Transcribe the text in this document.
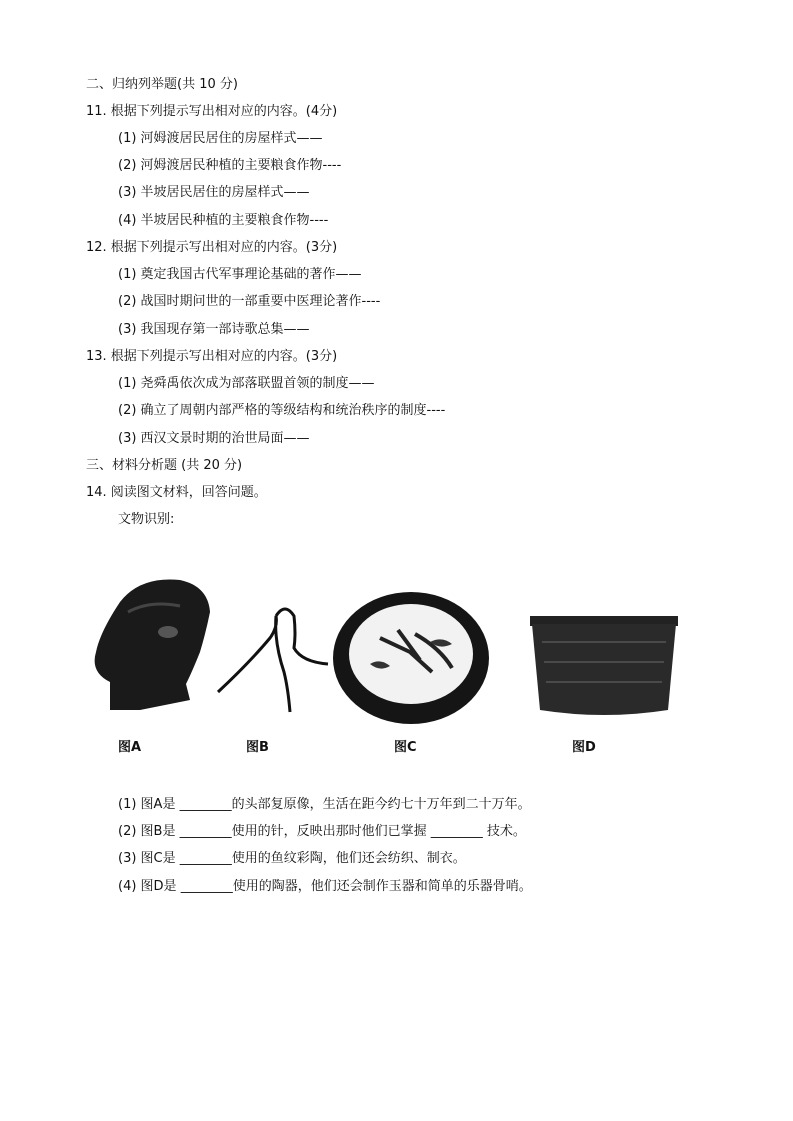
二、归纳列举题(共 10 分)
11. 根据下列提示写出相对应的内容。(4分)
(1) 河姆渡居民居住的房屋样式——
(2) 河姆渡居民种植的主要粮食作物----
(3) 半坡居民居住的房屋样式——
(4) 半坡居民种植的主要粮食作物----
12. 根据下列提示写出相对应的内容。(3分)
(1) 奠定我国古代军事理论基础的著作——
(2) 战国时期问世的一部重要中医理论著作----
(3) 我国现存第一部诗歌总集——
13. 根据下列提示写出相对应的内容。(3分)
(1) 尧舜禹依次成为部落联盟首领的制度——
(2) 确立了周朝内部严格的等级结构和统治秩序的制度----
(3) 西汉文景时期的治世局面——
三、材料分析题 (共 20 分)
14. 阅读图文材料，回答问题。
文物识别:
图A	图B	图C	图D
(1) 图A是 ________的头部复原像，生活在距今约七十万年到二十万年。
(2) 图B是 ________使用的针，反映出那时他们已掌握 ________ 技术。
(3) 图C是 ________使用的鱼纹彩陶，他们还会纺织、制衣。
(4) 图D是 ________使用的陶器，他们还会制作玉器和简单的乐器骨哨。
